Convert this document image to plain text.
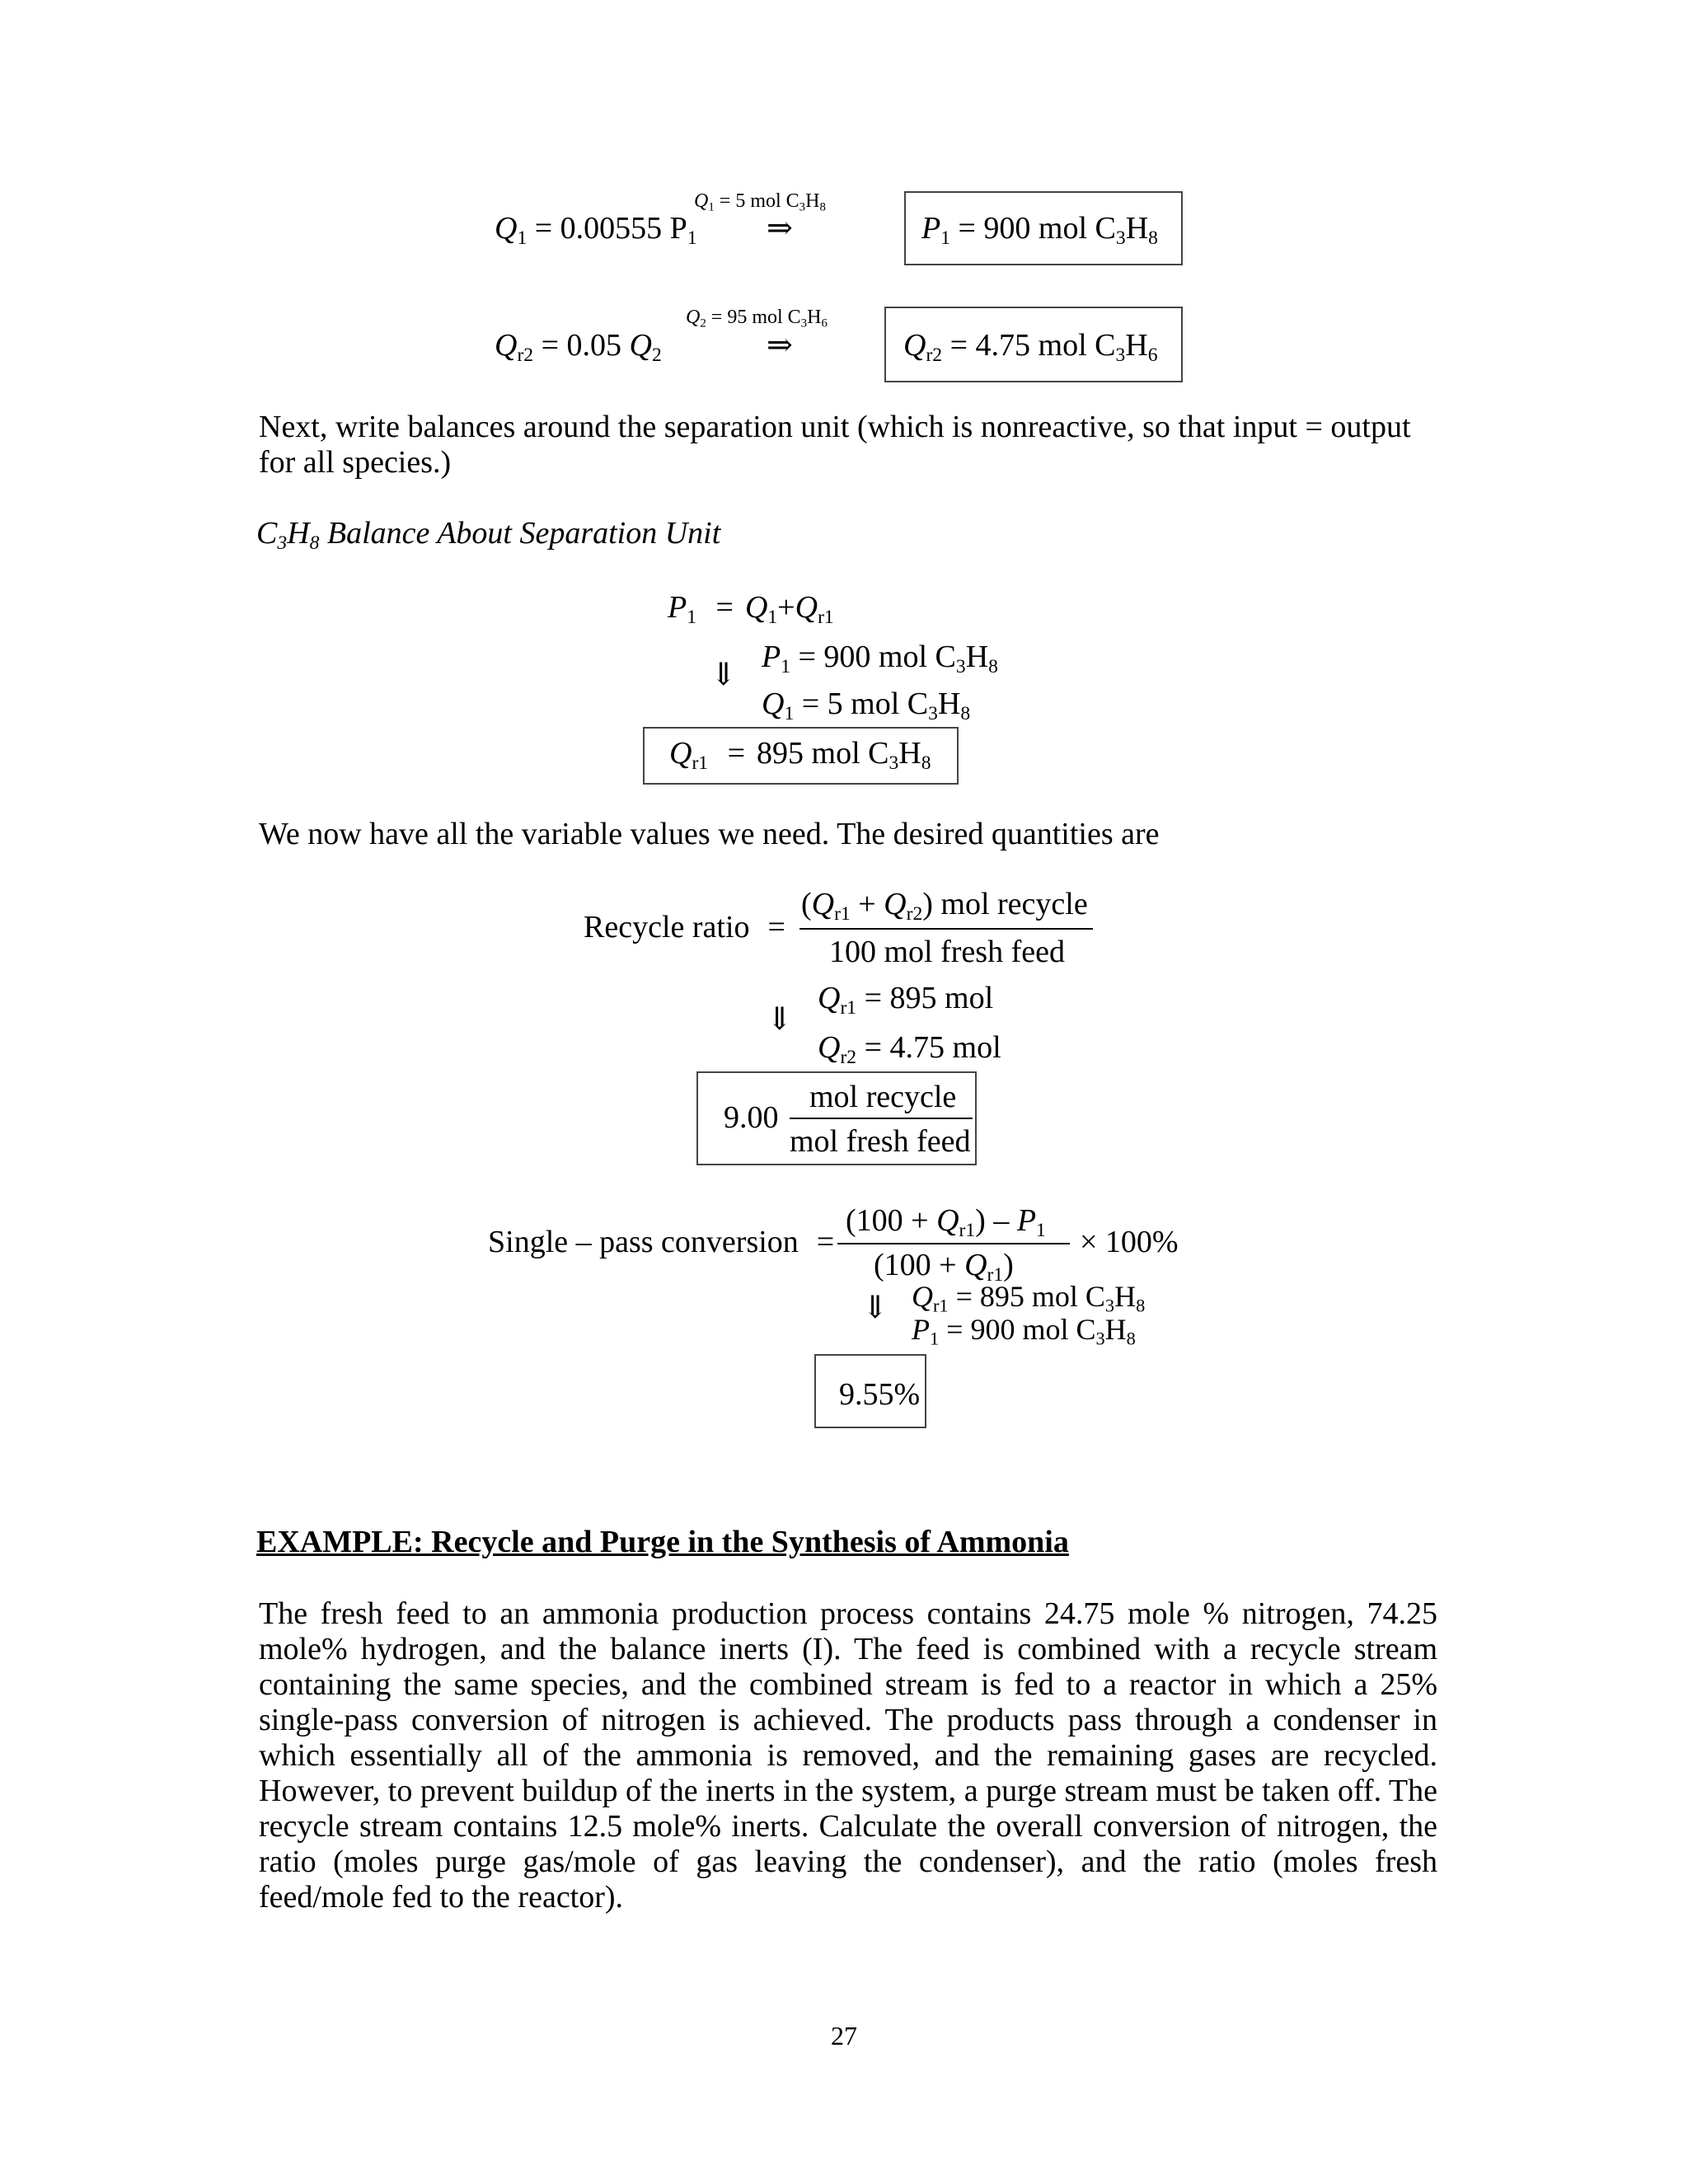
$Q_1 = 5$ mol $C_3H_8$
$Q_1 = 0.00555$ $P_1$ ⇒	$P_1 = 900$ mol $C_3H_8$
$Q_2 = 95$ mol $C_3H_6$
$Q_{r2} = 0.05$ $Q_2$	⇒	$Q_{r2} = 4.75$ mol $C_3H_6$
Next, write balances around the separation unit (which is nonreactive, so that input = output for all species.)
$C_3H_8$ Balance About Separation Unit
$P_1 = Q_1+Q_{r1}$
⇓
$P_1 = 900$ mol $C_3H_8$
$Q_1 = 5$ mol $C_3H_8$
$Q_{r1} = 895$ mol $C_3H_8$
We now have all the variable values we need. The desired quantities are
Recycle ratio =
$(Q_{r1} + Q_{r2})$ mol recycle
100 mol fresh feed
⇓
$Q_{r1} = 895$ mol
$Q_{r2} = 4.75$ mol
9.00
mol recycle
mol fresh feed
Single – pass conversion =
$(100 + Q_{r1}) - P_1 \times 100\%$
$(100 + Q_{r1})$
⇓ $Q_{r1} = 895$ mol $C_3H_8$
$P_1 = 900$ mol $C_3H_8$
9.55%
EXAMPLE: Recycle and Purge in the Synthesis of Ammonia
The fresh feed to an ammonia production process contains 24.75 mole % nitrogen, 74.25 mole% hydrogen, and the balance inerts (I). The feed is combined with a recycle stream containing the same species, and the combined stream is fed to a reactor in which a 25% single-pass conversion of nitrogen is achieved. The products pass through a condenser in which essentially all of the ammonia is removed, and the remaining gases are recycled. However, to prevent buildup of the inerts in the system, a purge stream must be taken off. The recycle stream contains 12.5 mole% inerts. Calculate the overall conversion of nitrogen, the ratio (moles purge gas/mole of gas leaving the condenser), and the ratio (moles fresh feed/mole fed to the reactor).
27
